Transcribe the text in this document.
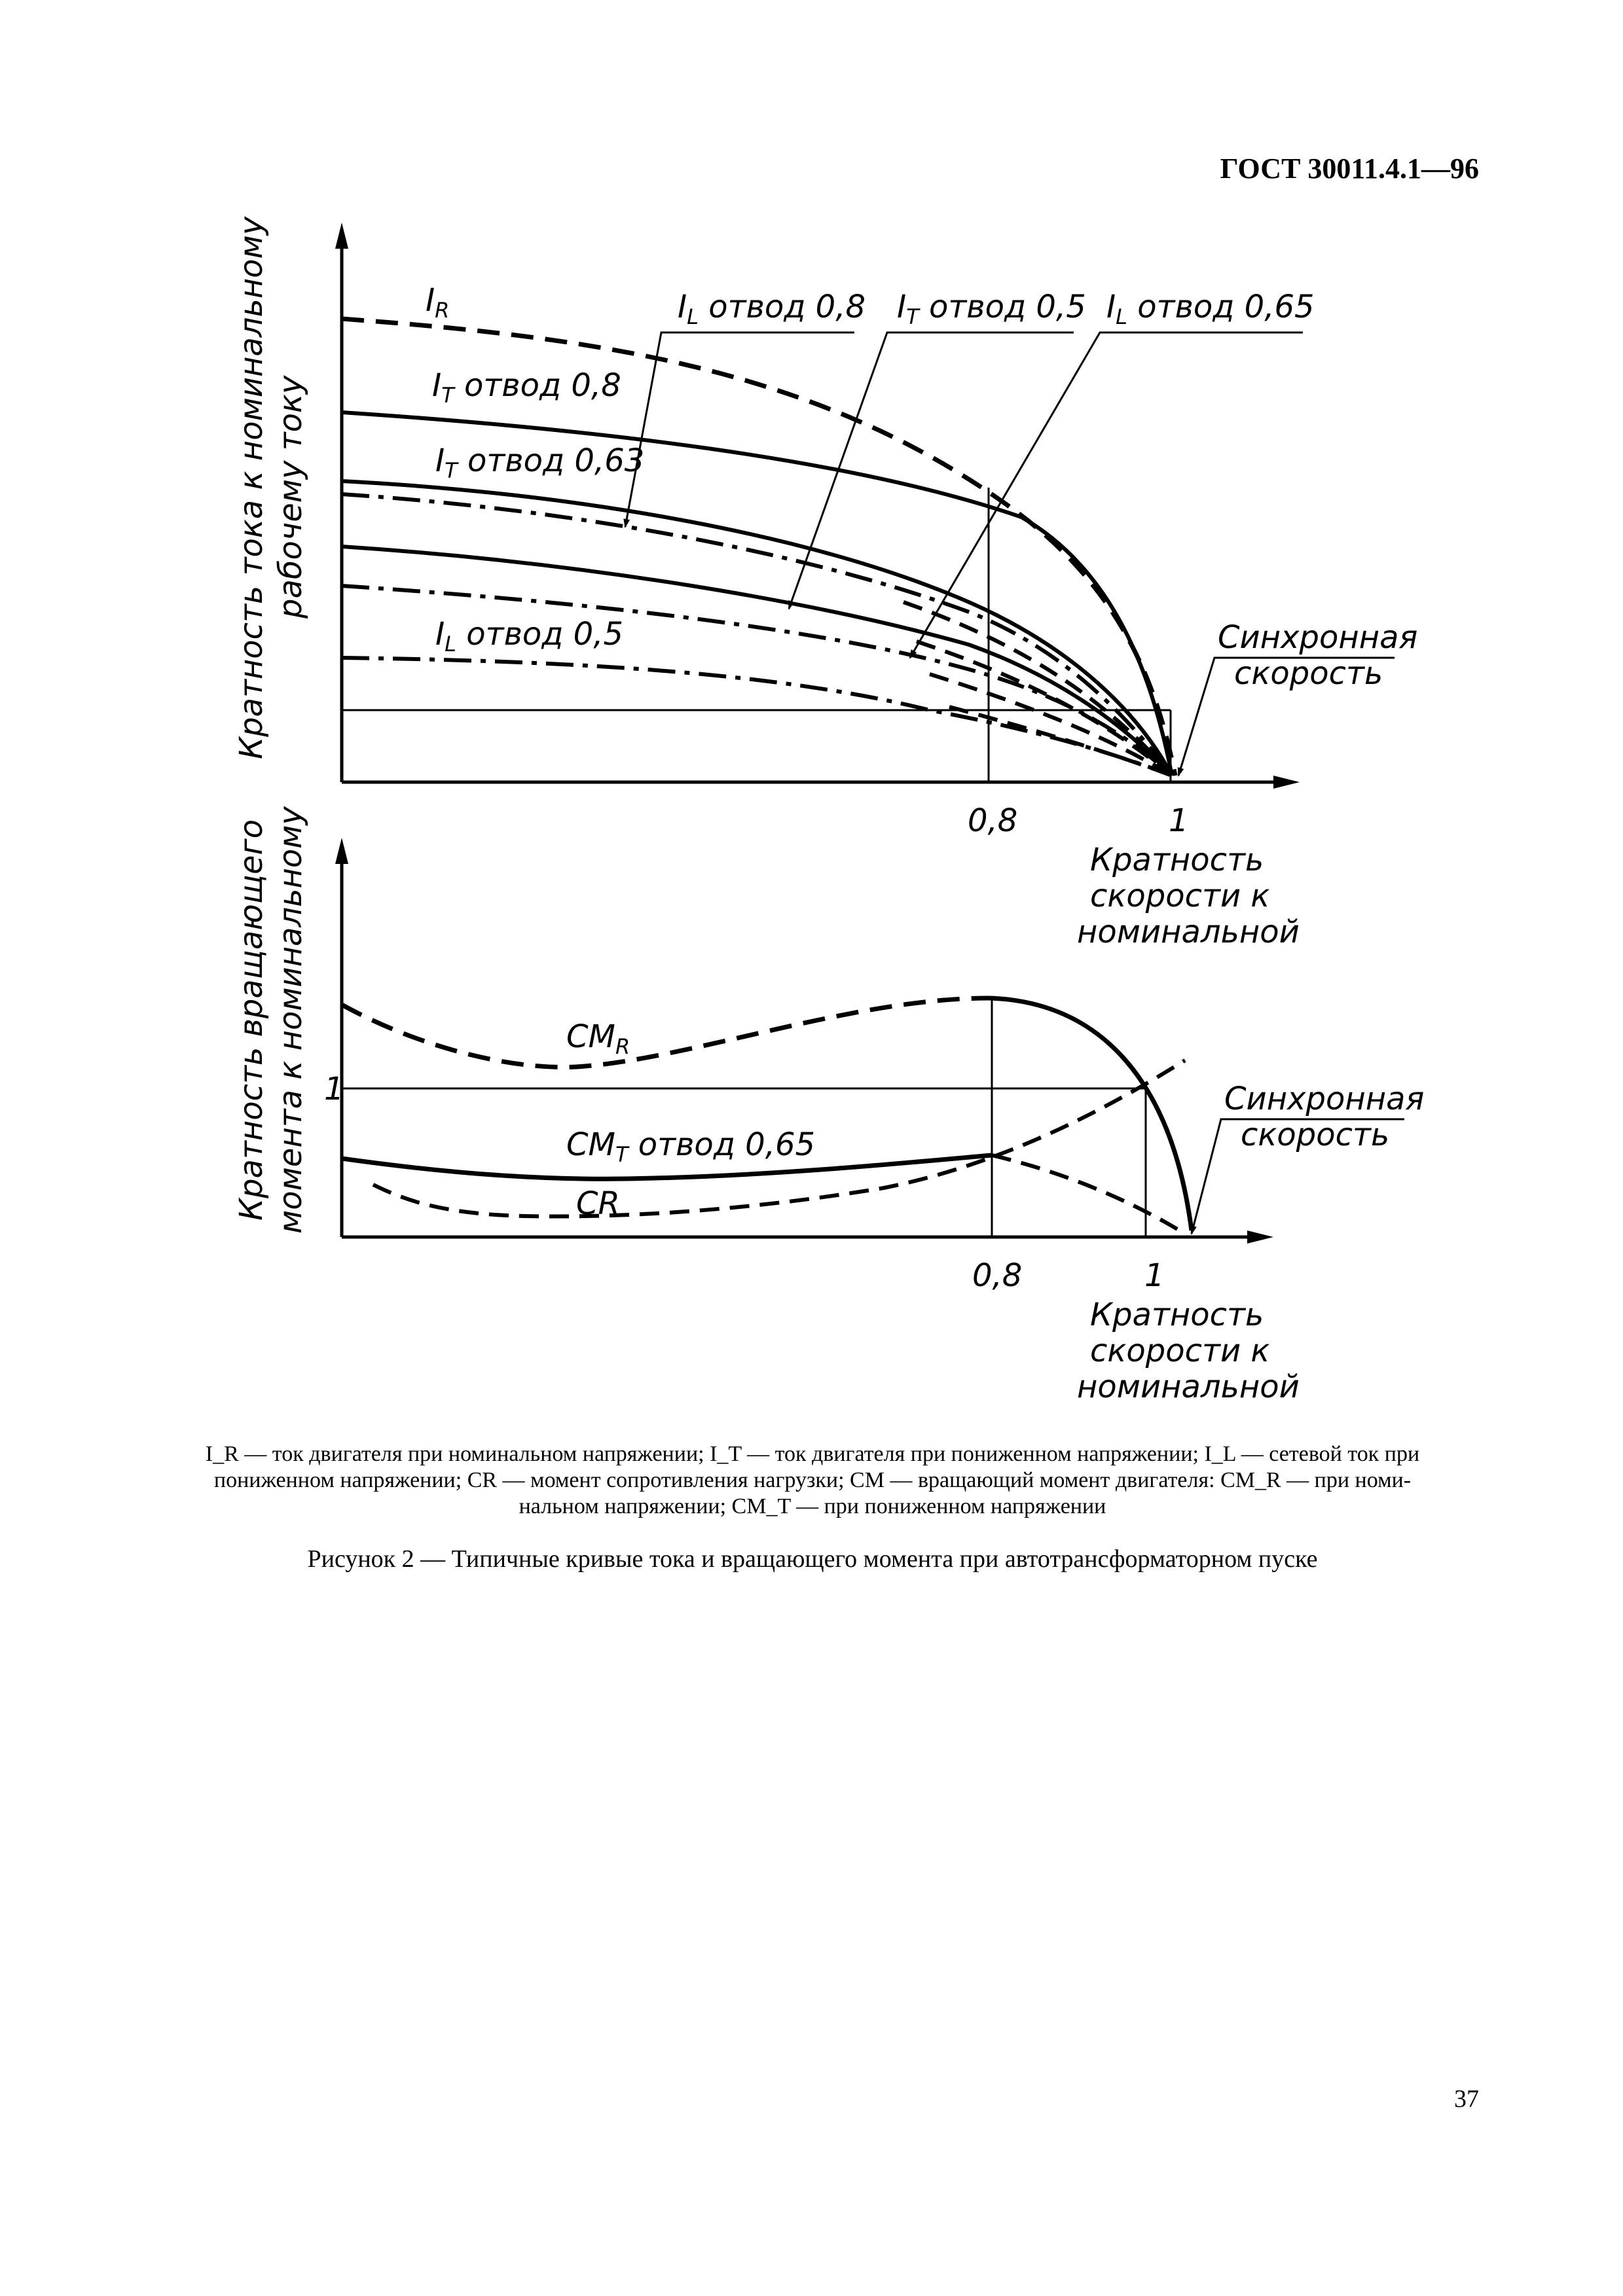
ГОСТ 30011.4.1—96
Кратность тока к номинальному рабочему току
$I_R$	$I_L$ отвод 0,8 $I_T$ отвод 0,5 $I_L$ отвод 0,65
$I_T$ отвод 0,8
$I_T$ отвод 0,63
$I_L$ отвод 0,5	Синхронная
скорость
0,8	1
Кратность
скорости к
номинальной
Кратность вращающего момента к номинальному 1
$CM_R$
$CM_T$ отвод 0,65
CR
Синхронная
скорость
0,8	1
Кратность
скорости к
номинальной
I_R — ток двигателя при номинальном напряжении; I_T — ток двигателя при пониженном напряжении; I_L — сетевой ток при
пониженном напряжении; CR — момент сопротивления нагрузки; CM — вращающий момент двигателя: CM_R — при номи-
нальном напряжении; CM_T — при пониженном напряжении
Рисунок 2 — Типичные кривые тока и вращающего момента при автотрансформаторном пуске
37
